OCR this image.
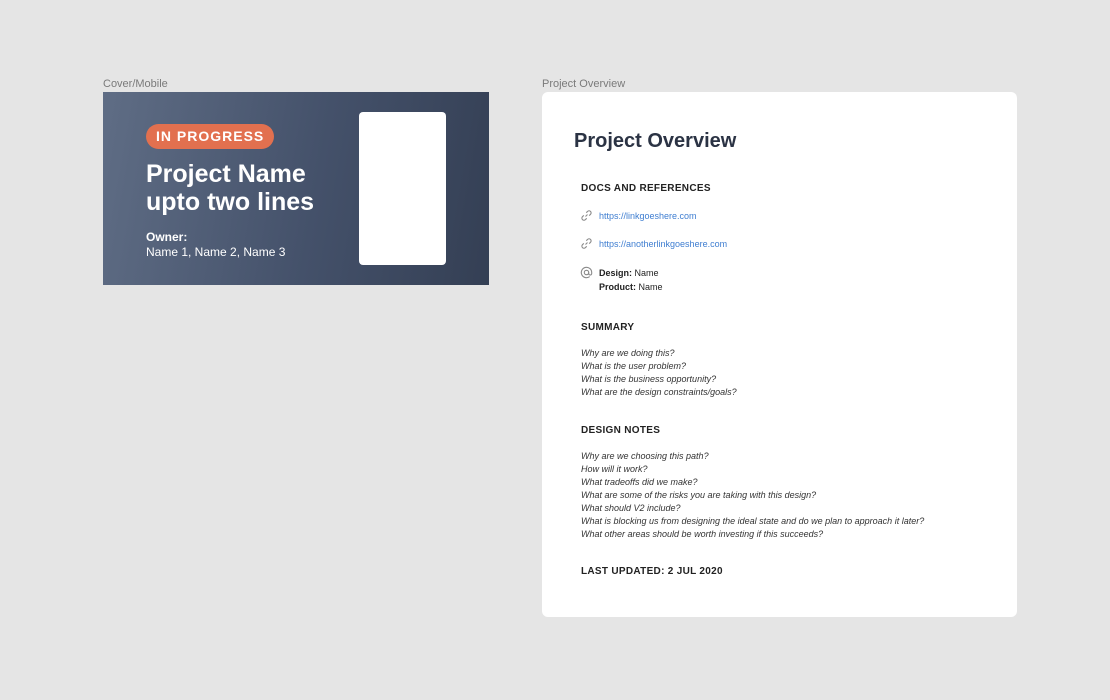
Cover/Mobile	Project Overview
IN PROGRESS
Project Name
upto two lines
Owner:
Name 1, Name 2, Name 3
Project Overview
DOCS AND REFERENCES
https://linkgoeshere.com
https://anotherlinkgoeshere.com
Design: Name
Product: Name
SUMMARY
Why are we doing this?
What is the user problem?
What is the business opportunity?
What are the design constraints/goals?
DESIGN NOTES
Why are we choosing this path?
How will it work?
What tradeoffs did we make?
What are some of the risks you are taking with this design?
What should V2 include?
What is blocking us from designing the ideal state and do we plan to approach it later?
What other areas should be worth investing if this succeeds?
LAST UPDATED: 2 JUL 2020
